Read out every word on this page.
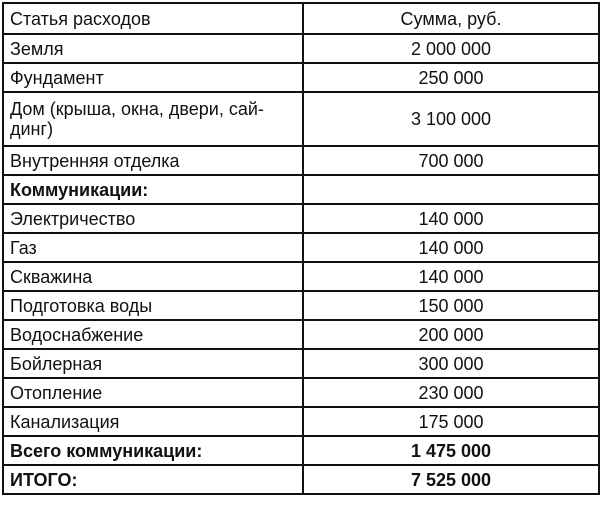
Статья расходов	Сумма, руб.
Земля	2 000 000
Фундамент	250 000
Дом (крыша, окна, двери, сай-
динг)	3 100 000
Внутренняя отделка	700 000
Коммуникации:	
Электричество	140 000
Газ	140 000
Скважина	140 000
Подготовка воды	150 000
Водоснабжение	200 000
Бойлерная	300 000
Отопление	230 000
Канализация	175 000
Всего коммуникации:	1 475 000
ИТОГО:	7 525 000
